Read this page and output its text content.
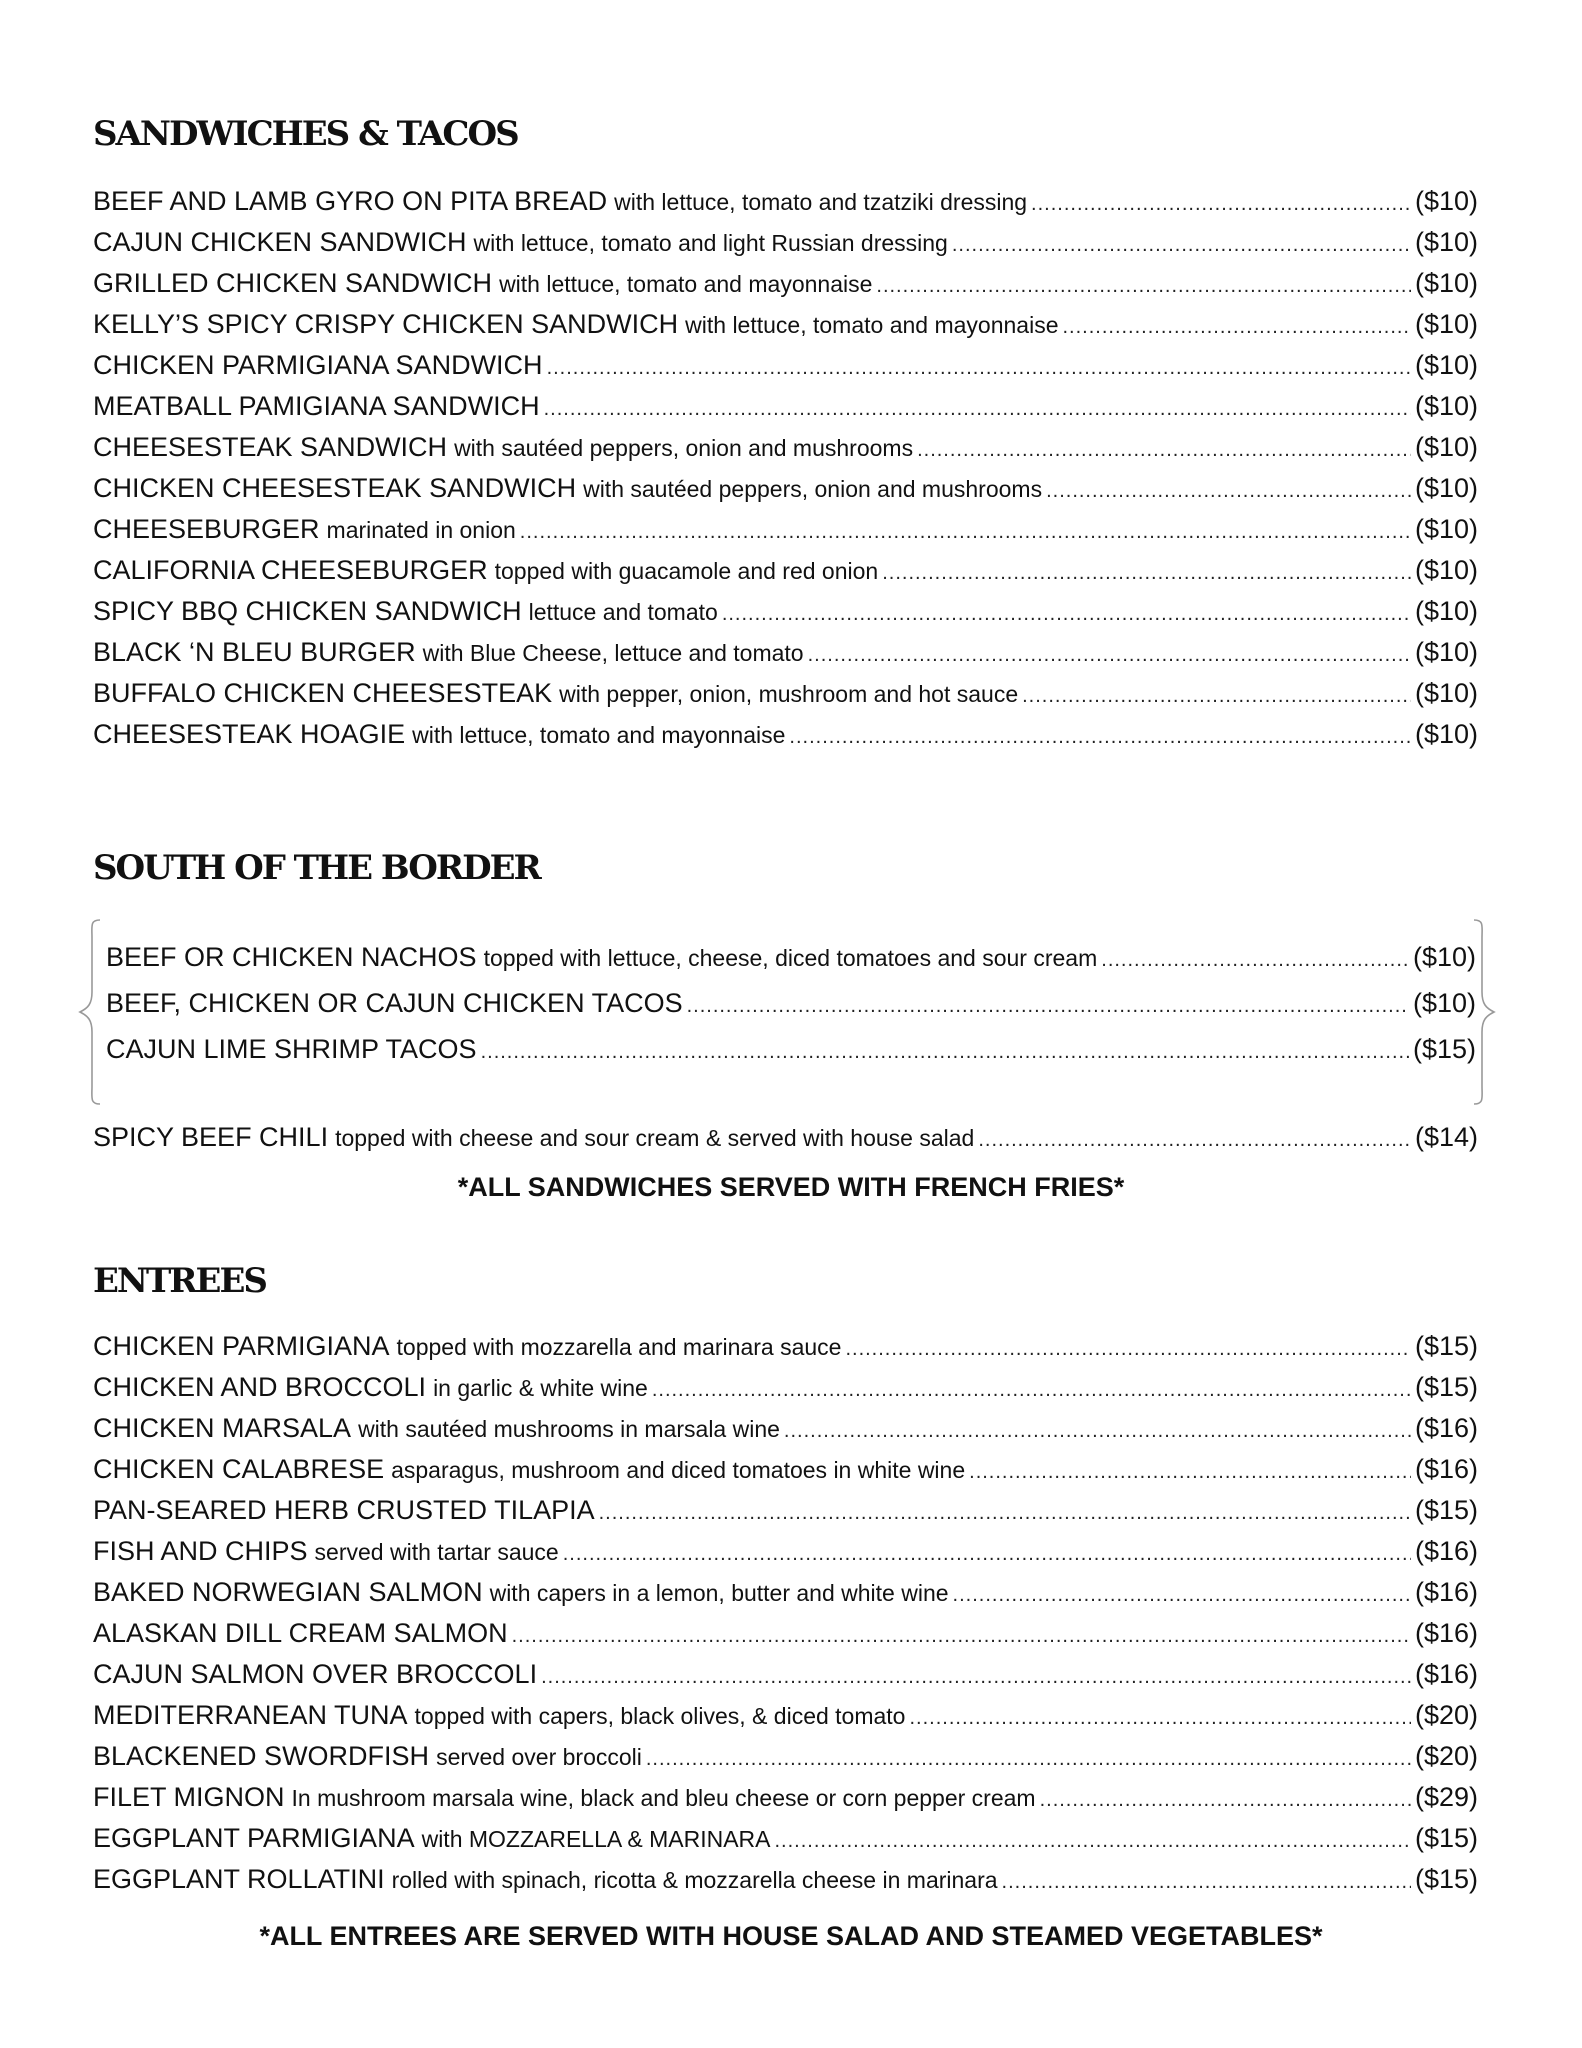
SANDWICHES & TACOS
BEEF AND LAMB GYRO ON PITA BREAD with lettuce, tomato and tzatziki dressing .....	($10)
CAJUN CHICKEN SANDWICH with lettuce, tomato and light Russian dressing .....	($10)
GRILLED CHICKEN SANDWICH with lettuce, tomato and mayonnaise .....	($10)
KELLY’S SPICY CRISPY CHICKEN SANDWICH with lettuce, tomato and mayonnaise .....	($10)
CHICKEN PARMIGIANA SANDWICH .....	($10)
MEATBALL PAMIGIANA SANDWICH .....	($10)
CHEESESTEAK SANDWICH with sautéed peppers, onion and mushrooms .....	($10)
CHICKEN CHEESESTEAK SANDWICH with sautéed peppers, onion and mushrooms .....	($10)
CHEESEBURGER marinated in onion .....	($10)
CALIFORNIA CHEESEBURGER topped with guacamole and red onion .....	($10)
SPICY BBQ CHICKEN SANDWICH lettuce and tomato .....	($10)
BLACK ‘N BLEU BURGER with Blue Cheese, lettuce and tomato .....	($10)
BUFFALO CHICKEN CHEESESTEAK with pepper, onion, mushroom and hot sauce .....	($10)
CHEESESTEAK HOAGIE with lettuce, tomato and mayonnaise .....	($10)
SOUTH OF THE BORDER
BEEF OR CHICKEN NACHOS topped with lettuce, cheese, diced tomatoes and sour cream .....	($10)
BEEF, CHICKEN OR CAJUN CHICKEN TACOS .....	($10)
CAJUN LIME SHRIMP TACOS .....	($15)
SPICY BEEF CHILI topped with cheese and sour cream & served with house salad .....	($14)

*ALL SANDWICHES SERVED WITH FRENCH FRIES*

ENTREES
CHICKEN PARMIGIANA topped with mozzarella and marinara sauce .....	($15)
CHICKEN AND BROCCOLI in garlic & white wine .....	($15)
CHICKEN MARSALA with sautéed mushrooms in marsala wine .....	($16)
CHICKEN CALABRESE asparagus, mushroom and diced tomatoes in white wine .....	($16)
PAN-SEARED HERB CRUSTED TILAPIA .....	($15)
FISH AND CHIPS served with tartar sauce .....	($16)
BAKED NORWEGIAN SALMON with capers in a lemon, butter and white wine .....	($16)
ALASKAN DILL CREAM SALMON .....	($16)
CAJUN SALMON OVER BROCCOLI .....	($16)
MEDITERRANEAN TUNA topped with capers, black olives, & diced tomato .....	($20)
BLACKENED SWORDFISH served over broccoli .....	($20)
FILET MIGNON In mushroom marsala wine, black and bleu cheese or corn pepper cream .....	($29)
EGGPLANT PARMIGIANA with MOZZARELLA & MARINARA .....	($15)
EGGPLANT ROLLATINI rolled with spinach, ricotta & mozzarella cheese in marinara .....	($15)

*ALL ENTREES ARE SERVED WITH HOUSE SALAD AND STEAMED VEGETABLES*
